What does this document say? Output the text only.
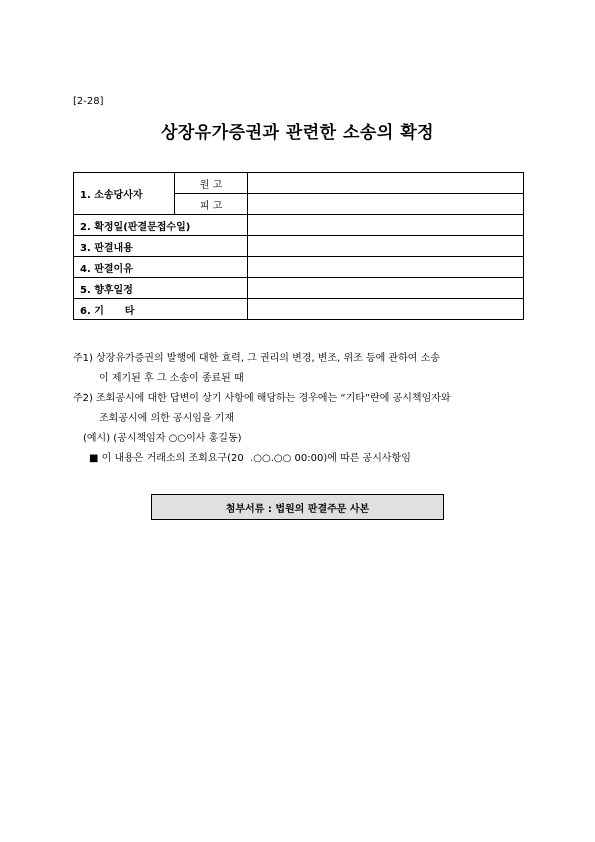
[2-28]
상장유가증권과 관련한 소송의 확정
1. 소송당사자	원 고	
	피 고	
2. 확정일(판결문접수일)		
3. 판결내용		
4. 판결이유		
5. 향후일정		
6. 기      타		
주1) 상장유가증권의 발행에 대한 효력, 그 권리의 변경, 변조, 위조 등에 관하여 소송
이 제기된 후 그 소송이 종료된 때
주2) 조회공시에 대한 답변이 상기 사항에 해당하는 경우에는 “기타”란에 공시책임자와
조회공시에 의한 공시임을 기재
(예시) (공시책임자 ○○이사 홍길동)
■ 이 내용은 거래소의 조회요구(20  .○○.○○ 00:00)에 따른 공시사항임
첨부서류 : 법원의 판결주문 사본
